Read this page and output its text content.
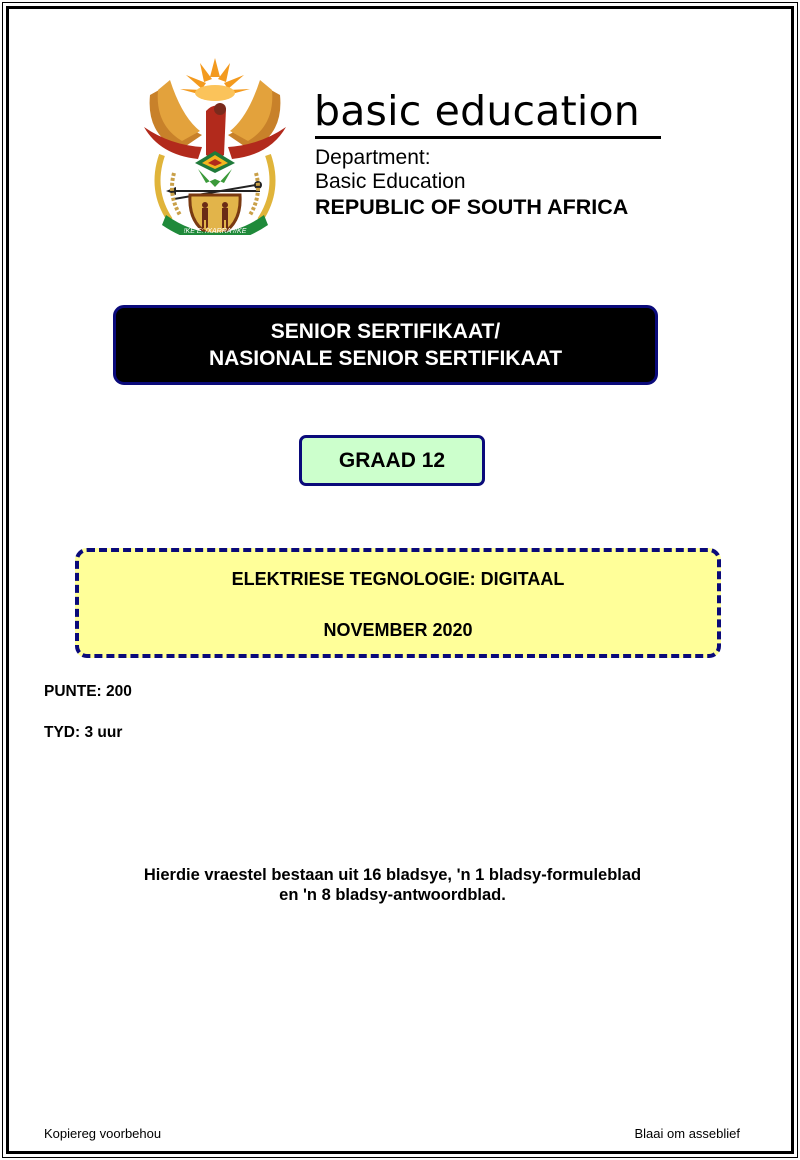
!KE E: /XARRA //KE
basic education
Department:
Basic Education
REPUBLIC OF SOUTH AFRICA
SENIOR SERTIFIKAAT/
NASIONALE SENIOR SERTIFIKAAT
GRAAD 12
ELEKTRIESE TEGNOLOGIE: DIGITAAL
NOVEMBER 2020
PUNTE: 200
TYD: 3 uur
Hierdie vraestel bestaan uit 16 bladsye, 'n 1 bladsy-formuleblad
en 'n 8 bladsy-antwoordblad.
Kopiereg voorbehou	Blaai om asseblief
